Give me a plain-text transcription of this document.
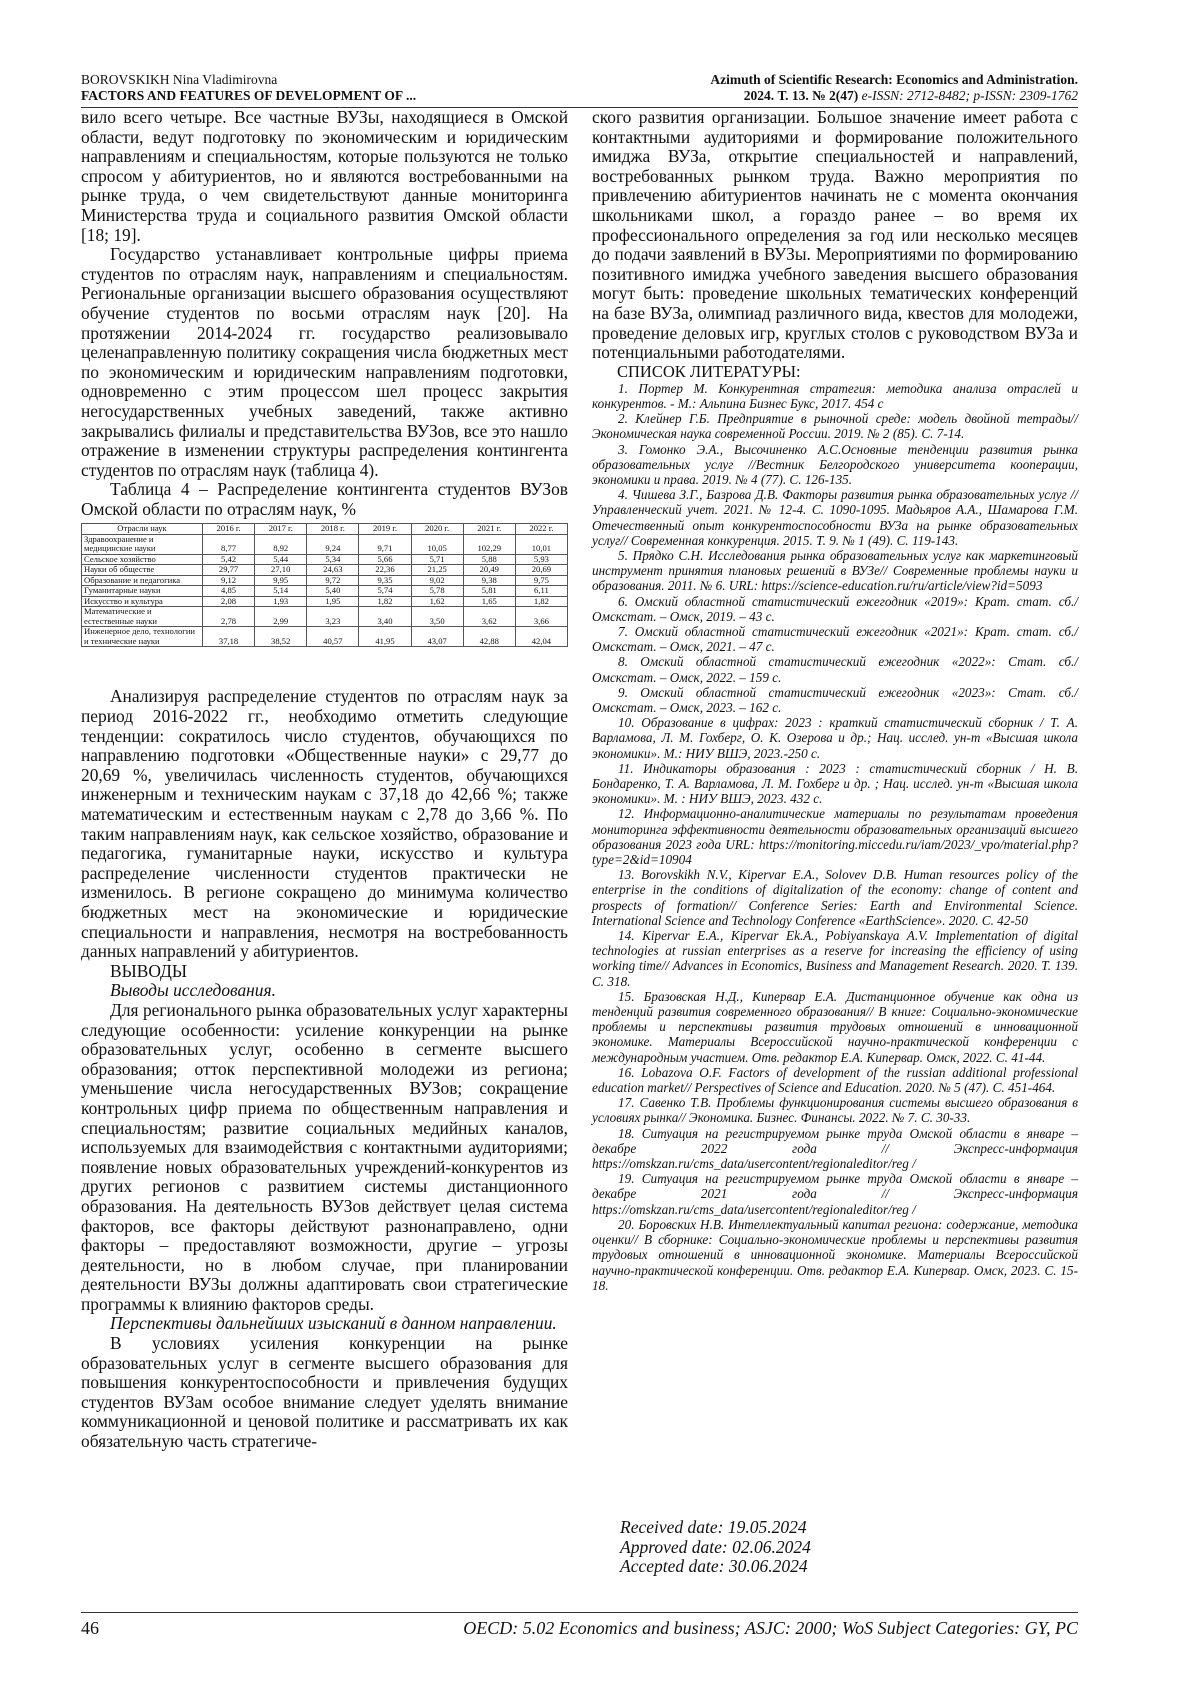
BOROVSKIKH Nina Vladimirovna
FACTORS AND FEATURES OF DEVELOPMENT OF ...
Azimuth of Scientific Research: Economics and Administration.
2024. Т. 13. № 2(47) e-ISSN: 2712-8482; p-ISSN: 2309-1762

вило всего четыре. Все частные ВУЗы, находящиеся в Омской области, ведут подготовку по экономическим и юридическим направлениям и специальностям, которые пользуются не только спросом у абитуриентов, но и являются востребованными на рынке труда, о чем свидетельствуют данные мониторинга Министерства труда и социального развития Омской области [18; 19].

Государство устанавливает контрольные цифры приема студентов по отраслям наук, направлениям и специальностям. Региональные организации высшего образования осуществляют обучение студентов по восьми отраслям наук [20]. На протяжении 2014-2024 гг. государство реализовывало целенаправленную политику сокращения числа бюджетных мест по экономическим и юридическим направлениям подготовки, одновременно с этим процессом шел процесс закрытия негосударственных учебных заведений, также активно закрывались филиалы и представительства ВУЗов, все это нашло отражение в изменении структуры распределения контингента студентов по отраслям наук (таблица 4).

Таблица 4 – Распределение контингента студентов ВУЗов Омской области по отраслям наук, %

Отрасли наук	2016 г.	2017 г.	2018 г.	2019 г.	2020 г.	2021 г.	2022 г.
Здравоохранение и медицинские науки	8,77	8,92	9,24	9,71	10,05	102,29	10,01
Сельское хозяйство	5,42	5,44	5,34	5,66	5,71	5,88	5,93
Науки об обществе	29,77	27,10	24,63	22,36	21,25	20,49	20,69
Образование и педагогика	9,12	9,95	9,72	9,35	9,02	9,38	9,75
Гуманитарные науки	4,85	5,14	5,40	5,74	5,78	5,81	6,11
Искусство и культура	2,08	1,93	1,95	1,82	1,62	1,65	1,82
Математические и естественные науки	2,78	2,99	3,23	3,40	3,50	3,62	3,66
Инженерное дело, технологии и технические науки	37,18	38,52	40,57	41,95	43,07	42,88	42,04

Анализируя распределение студентов по отраслям наук за период 2016-2022 гг., необходимо отметить следующие тенденции: сократилось число студентов, обучающихся по направлению подготовки «Общественные науки» с 29,77 до 20,69 %, увеличилась численность студентов, обучающихся инженерным и техническим наукам с 37,18 до 42,66 %; также математическим и естественным наукам с 2,78 до 3,66 %. По таким направлениям наук, как сельское хозяйство, образование и педагогика, гуманитарные науки, искусство и культура распределение численности студентов практически не изменилось. В регионе сокращено до минимума количество бюджетных мест на экономические и юридические специальности и направления, несмотря на востребованность данных направлений у абитуриентов.

ВЫВОДЫ

Выводы исследования.

Для регионального рынка образовательных услуг характерны следующие особенности: усиление конкуренции на рынке образовательных услуг, особенно в сегменте высшего образования; отток перспективной молодежи из региона; уменьшение числа негосударственных ВУЗов; сокращение контрольных цифр приема по общественным направления и специальностям; развитие социальных медийных каналов, используемых для взаимодействия с контактными аудиториями; появление новых образовательных учреждений-конкурентов из других регионов с развитием системы дистанционного образования. На деятельность ВУЗов действует целая система факторов, все факторы действуют разнонаправлено, одни факторы – предоставляют возможности, другие – угрозы деятельности, но в любом случае, при планировании деятельности ВУЗы должны адаптировать свои стратегические программы к влиянию факторов среды.

Перспективы дальнейших изысканий в данном направлении.

В условиях усиления конкуренции на рынке образовательных услуг в сегменте высшего образования для повышения конкурентоспособности и привлечения будущих студентов ВУЗам особое внимание следует уделять внимание коммуникационной и ценовой политике и рассматривать их как обязательную часть стратегиче-

ского развития организации. Большое значение имеет работа с контактными аудиториями и формирование положительного имиджа ВУЗа, открытие специальностей и направлений, востребованных рынком труда. Важно мероприятия по привлечению абитуриентов начинать не с момента окончания школьниками школ, а гораздо ранее – во время их профессионального определения за год или несколько месяцев до подачи заявлений в ВУЗы. Мероприятиями по формированию позитивного имиджа учебного заведения высшего образования могут быть: проведение школьных тематических конференций на базе ВУЗа, олимпиад различного вида, квестов для молодежи, проведение деловых игр, круглых столов с руководством ВУЗа и потенциальными работодателями.

СПИСОК ЛИТЕРАТУРЫ:

1. Портер М. Конкурентная стратегия: методика анализа отраслей и конкурентов. - М.: Альпина Бизнес Букс, 2017. 454 с

2. Клейнер Г.Б. Предприятие в рыночной среде: модель двойной тетрады// Экономическая наука современной России. 2019. № 2 (85). С. 7-14.

3. Гомонко Э.А., Высочиненко А.С.Основные тенденции развития рынка образовательных услуг //Вестник Белгородского университета кооперации, экономики и права. 2019. № 4 (77). С. 126-135.

4. Чишева З.Г., Базрова Д.В. Факторы развития рынка образовательных услуг //Управленческий учет. 2021. № 12-4. С. 1090-1095. Мадьяров А.А., Шамарова Г.М. Отечественный опыт конкурентоспособности ВУЗа на рынке образовательных услуг// Современная конкуренция. 2015. Т. 9. № 1 (49). С. 119-143.

5. Прядко С.Н. Исследования рынка образовательных услуг как маркетинговый инструмент принятия плановых решений в ВУЗе// Современные проблемы науки и образования. 2011. № 6. URL: https://science-education.ru/ru/article/view?id=5093

6. Омский областной статистический ежегодник «2019»: Крат. стат. сб./Омскстат. – Омск, 2019. – 43 с.

7. Омский областной статистический ежегодник «2021»: Крат. стат. сб./Омскстат. – Омск, 2021. – 47 с.

8. Омский областной статистический ежегодник «2022»: Стат. сб./Омскстат. – Омск, 2022. – 159 с.

9. Омский областной статистический ежегодник «2023»: Стат. сб./Омскстат. – Омск, 2023. – 162 с.

10. Образование в цифрах: 2023 : краткий статистический сборник / Т. А. Варламова, Л. М. Гохберг, О. К. Озерова и др.; Нац. исслед. ун-т «Высшая школа экономики». М.: НИУ ВШЭ, 2023.-250 с.

11. Индикаторы образования : 2023 : статистический сборник / Н. В. Бондаренко, Т. А. Варламова, Л. М. Гохберг и др. ; Нац. исслед. ун-т «Высшая школа экономики». М. : НИУ ВШЭ, 2023. 432 с.

12. Информационно-аналитические материалы по результатам проведения мониторинга эффективности деятельности образовательных организаций высшего образования 2023 года URL: https://monitoring.miccedu.ru/iam/2023/_vpo/material.php?type=2&id=10904

13. Borovskikh N.V., Kipervar E.A., Solovev D.B. Human resources policy of the enterprise in the conditions of digitalization of the economy: change of content and prospects of formation// Conference Series: Earth and Environmental Science. International Science and Technology Conference «EarthScience». 2020. С. 42-50

14. Kipervar E.A., Kipervar Ek.A., Pobiyanskaya A.V. Implementation of digital technologies at russian enterprises as a reserve for increasing the efficiency of using working time// Advances in Economics, Business and Management Research. 2020. Т. 139. С. 318.

15. Бразовская Н.Д., Кипервар Е.А. Дистанционное обучение как одна из тенденций развития современного образования// В книге: Социально-экономические проблемы и перспективы развития трудовых отношений в инновационной экономике. Материалы Всероссийской научно-практической конференции с международным участием. Отв. редактор Е.А. Кипервар. Омск, 2022. С. 41-44.

16. Lobazova O.F. Factors of development of the russian additional professional education market// Perspectives of Science and Education. 2020. № 5 (47). С. 451-464.

17. Савенко Т.В. Проблемы функционирования системы высшего образования в условиях рынка// Экономика. Бизнес. Финансы. 2022. № 7. С. 30-33.

18. Ситуация на регистрируемом рынке труда Омской области в январе – декабре 2022 года // Экспресс-информация https://omskzan.ru/cms_data/usercontent/regionaleditor/reg /

19. Ситуация на регистрируемом рынке труда Омской области в январе – декабре 2021 года // Экспресс-информация https://omskzan.ru/cms_data/usercontent/regionaleditor/reg /

20. Боровских Н.В. Интеллектуальный капитал региона: содержание, методика оценки// В сборнике: Социально-экономические проблемы и перспективы развития трудовых отношений в инновационной экономике. Материалы Всероссийской научно-практической конференции. Отв. редактор Е.А. Кипервар. Омск, 2023. С. 15-18.

Received date: 19.05.2024
Approved date: 02.06.2024
Accepted date: 30.06.2024
46	OECD: 5.02 Economics and business; ASJC: 2000; WoS Subject Categories: GY, PC
